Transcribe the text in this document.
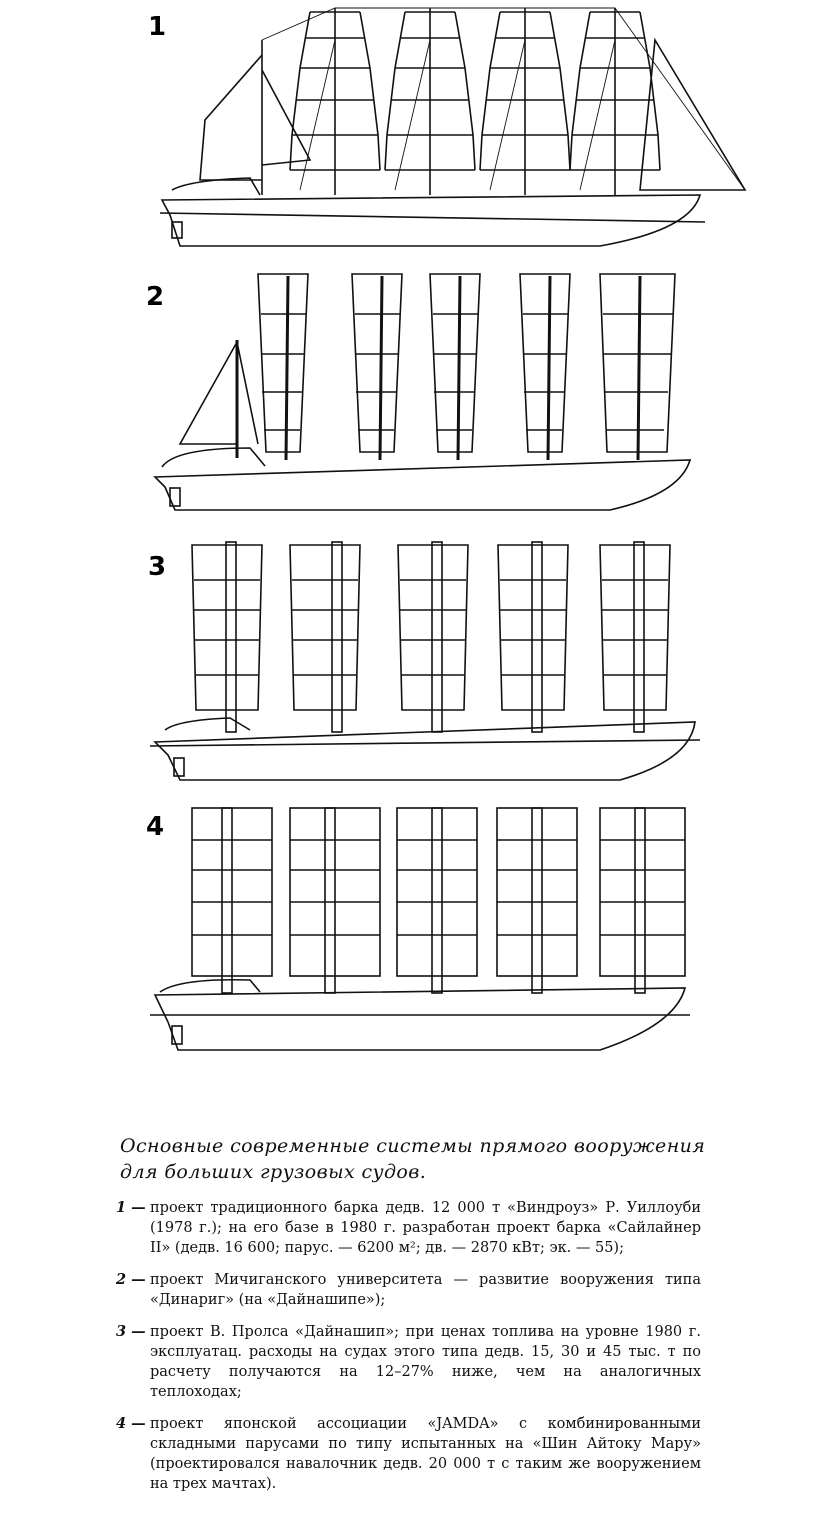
1
2
3
4
Основные современные системы прямого вооружения для больших грузовых судов.
1 — проект традиционного барка дедв. 12 000 т «Виндроуз» Р. Уиллоуби (1978 г.); на его базе в 1980 г. разработан проект барка «Сайлайнер II» (дедв. 16 600; парус. — 6200 м²; дв. — 2870 кВт; эк. — 55);
2 — проект Мичиганского университета — развитие вооружения типа «Динариг» (на «Дайнашипе»);
3 — проект В. Пролса «Дайнашип»; при ценах топлива на уровне 1980 г. эксплуатац. расходы на судах этого типа дедв. 15, 30 и 45 тыс. т по расчету получаются на 12–27% ниже, чем на аналогичных теплоходах;
4 — проект японской ассоциации «JAMDA» с комбинированными складными парусами по типу испытанных на «Шин Айтоку Мару» (проектировался навалочник дедв. 20 000 т с таким же вооружением на трех мачтах).
